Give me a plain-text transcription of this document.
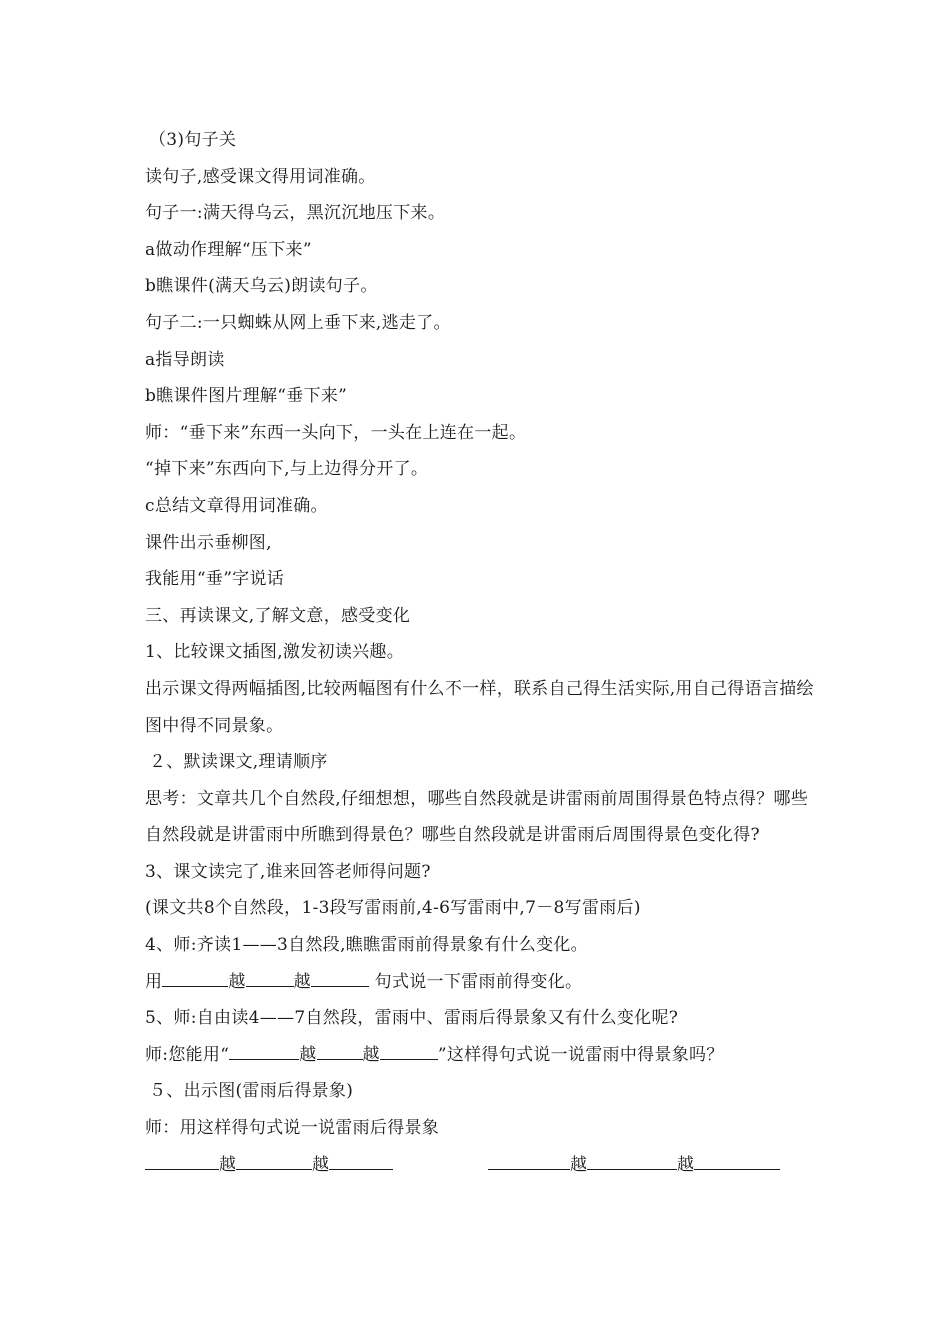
（3)句子关
读句子,感受课文得用词准确。
句子一:满天得乌云，黑沉沉地压下来。
a做动作理解“压下来”
b瞧课件(满天乌云)朗读句子。
句子二:一只蜘蛛从网上垂下来,逃走了。
a指导朗读
b瞧课件图片理解“垂下来”
师：“垂下来”东西一头向下，一头在上连在一起。
“掉下来”东西向下,与上边得分开了。
c总结文章得用词准确。
课件出示垂柳图,
我能用“垂”字说话
三、再读课文,了解文意，感受变化
1、比较课文插图,激发初读兴趣。
出示课文得两幅插图,比较两幅图有什么不一样，联系自己得生活实际,用自己得语言描绘图中得不同景象。
２、默读课文,理请顺序
思考：文章共几个自然段,仔细想想，哪些自然段就是讲雷雨前周围得景色特点得？哪些自然段就是讲雷雨中所瞧到得景色？哪些自然段就是讲雷雨后周围得景色变化得?
3、课文读完了,谁来回答老师得问题?
(课文共8个自然段，1-3段写雷雨前,4-6写雷雨中,7－8写雷雨后)
4、师:齐读1——3自然段,瞧瞧雷雨前得景象有什么变化。
用	越	越	句式说一下雷雨前得变化。
5、师:自由读4——7自然段，雷雨中、雷雨后得景象又有什么变化呢?
师:您能用“	越	越	”这样得句式说一说雷雨中得景象吗？
５、出示图(雷雨后得景象)
师：用这样得句式说一说雷雨后得景象
越	越	越	越
